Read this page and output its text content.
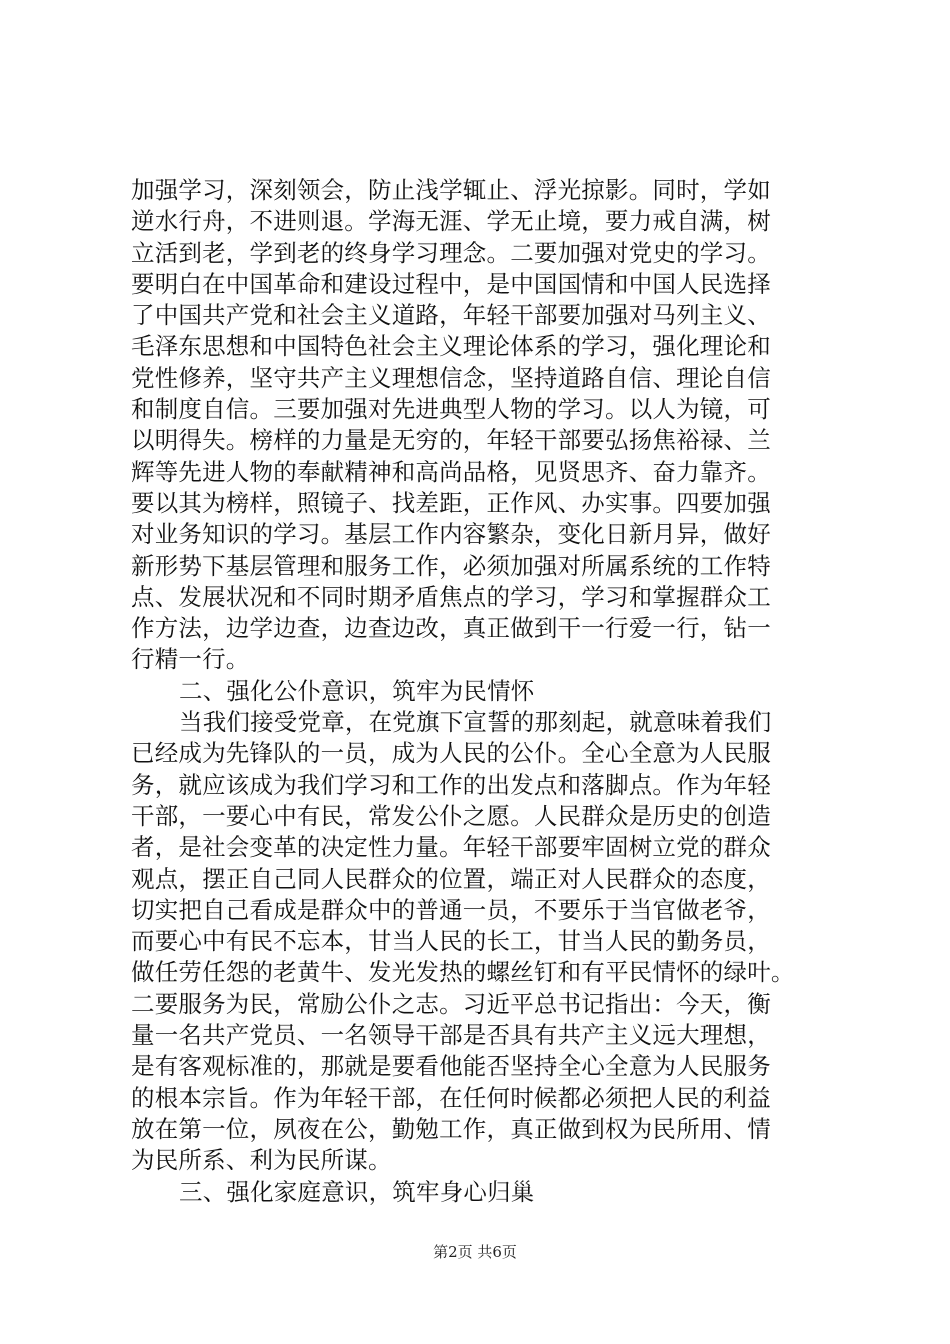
加强学习，深刻领会，防止浅学辄止、浮光掠影。同时，学如
逆水行舟，不进则退。学海无涯、学无止境，要力戒自满，树
立活到老，学到老的终身学习理念。二要加强对党史的学习。
要明白在中国革命和建设过程中，是中国国情和中国人民选择
了中国共产党和社会主义道路，年轻干部要加强对马列主义、
毛泽东思想和中国特色社会主义理论体系的学习，强化理论和
党性修养，坚守共产主义理想信念，坚持道路自信、理论自信
和制度自信。三要加强对先进典型人物的学习。以人为镜，可
以明得失。榜样的力量是无穷的，年轻干部要弘扬焦裕禄、兰
辉等先进人物的奉献精神和高尚品格，见贤思齐、奋力靠齐。
要以其为榜样，照镜子、找差距，正作风、办实事。四要加强
对业务知识的学习。基层工作内容繁杂，变化日新月异，做好
新形势下基层管理和服务工作，必须加强对所属系统的工作特
点、发展状况和不同时期矛盾焦点的学习，学习和掌握群众工
作方法，边学边查，边查边改，真正做到干一行爱一行，钻一
行精一行。
二、强化公仆意识，筑牢为民情怀
当我们接受党章，在党旗下宣誓的那刻起，就意味着我们
已经成为先锋队的一员，成为人民的公仆。全心全意为人民服
务，就应该成为我们学习和工作的出发点和落脚点。作为年轻
干部，一要心中有民，常发公仆之愿。人民群众是历史的创造
者，是社会变革的决定性力量。年轻干部要牢固树立党的群众
观点，摆正自己同人民群众的位置，端正对人民群众的态度，
切实把自己看成是群众中的普通一员，不要乐于当官做老爷，
而要心中有民不忘本，甘当人民的长工，甘当人民的勤务员，
做任劳任怨的老黄牛、发光发热的螺丝钉和有平民情怀的绿叶。
二要服务为民，常励公仆之志。习近平总书记指出：今天，衡
量一名共产党员、一名领导干部是否具有共产主义远大理想，
是有客观标准的，那就是要看他能否坚持全心全意为人民服务
的根本宗旨。作为年轻干部，在任何时候都必须把人民的利益
放在第一位，夙夜在公，勤勉工作，真正做到权为民所用、情
为民所系、利为民所谋。
三、强化家庭意识，筑牢身心归巢
第2页 共6页
